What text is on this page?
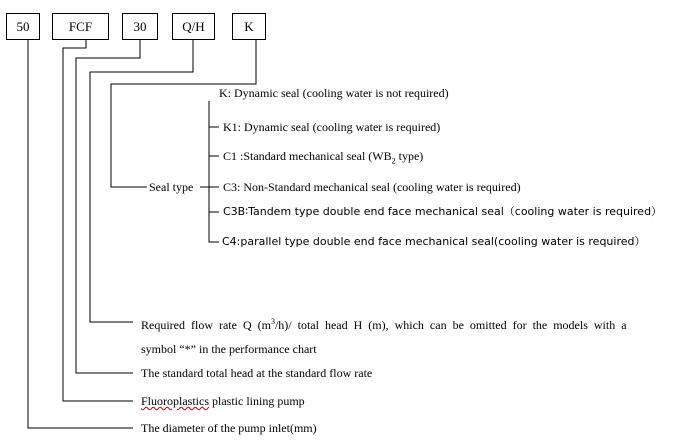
50	FCF	30	Q/H	K
K: Dynamic seal (cooling water is not required)
K1: Dynamic seal (cooling water is required)
C1 :Standard mechanical seal ($WB_2$ type)
Seal type C3: Non-Standard mechanical seal (cooling water is required)
C3B∶Tandem type double end face mechanical seal（cooling water is required）
C4:parallel type double end face mechanical seal(cooling water is required）
Required flow rate Q $(m^3/h)/$ total head H (m), which can be omitted for the models with a
symbol “*” in the performance chart
The standard total head at the standard flow rate
Fluoroplastics plastic lining pump
The diameter of the pump inlet(mm)
